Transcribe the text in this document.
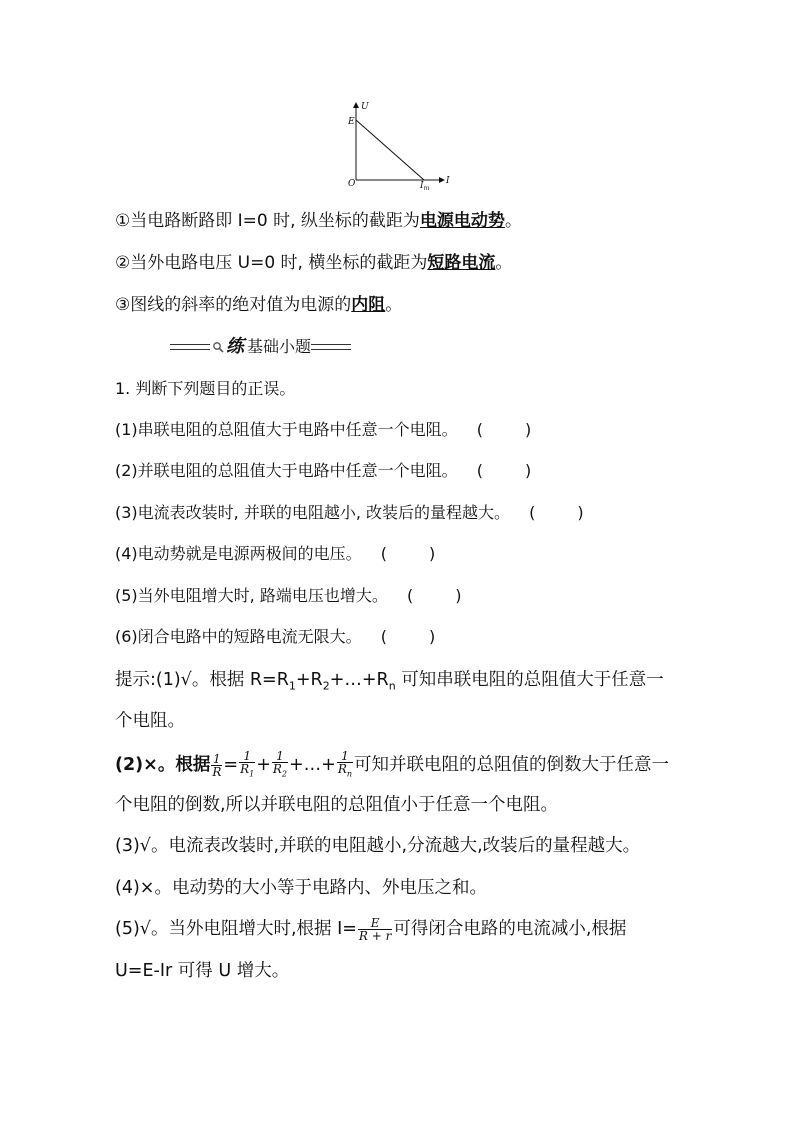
U
I
E
O	$I_m$
①当电路断路即 I=0 时, 纵坐标的截距为电源电动势。
②当外电路电压 U=0 时, 横坐标的截距为短路电流。
③图线的斜率的绝对值为电源的内阻。
练 基础小题
1. 判断下列题目的正误。
(1)串联电阻的总阻值大于电路中任意一个电阻。 (	)
(2)并联电阻的总阻值大于电路中任意一个电阻。 (	)
(3)电流表改装时, 并联的电阻越小, 改装后的量程越大。 (	)
(4)电动势就是电源两极间的电压。 (	)
(5)当外电阻增大时, 路端电压也增大。 (	)
(6)闭合电路中的短路电流无限大。 (	)
提示:(1)√。根据 $R=R_1+R_2+\dots+R_n$ 可知串联电阻的总阻值大于任意一
个电阻。
(2)×。根据 $\frac{1}{R} = \frac{1}{R_1} + \frac{1}{R_2}$ +…+ $\frac{1}{R_n}$ 可知并联电阻的总阻值的倒数大于任意一
个电阻的倒数,所以并联电阻的总阻值小于任意一个电阻。
(3)√。电流表改装时,并联的电阻越小,分流越大,改装后的量程越大。
(4)×。电动势的大小等于电路内、外电压之和。
(5)√。当外电阻增大时,根据 $I= \frac{E}{R + r}$ 可得闭合电路的电流减小,根据
U=E-Ir 可得 U 增大。
